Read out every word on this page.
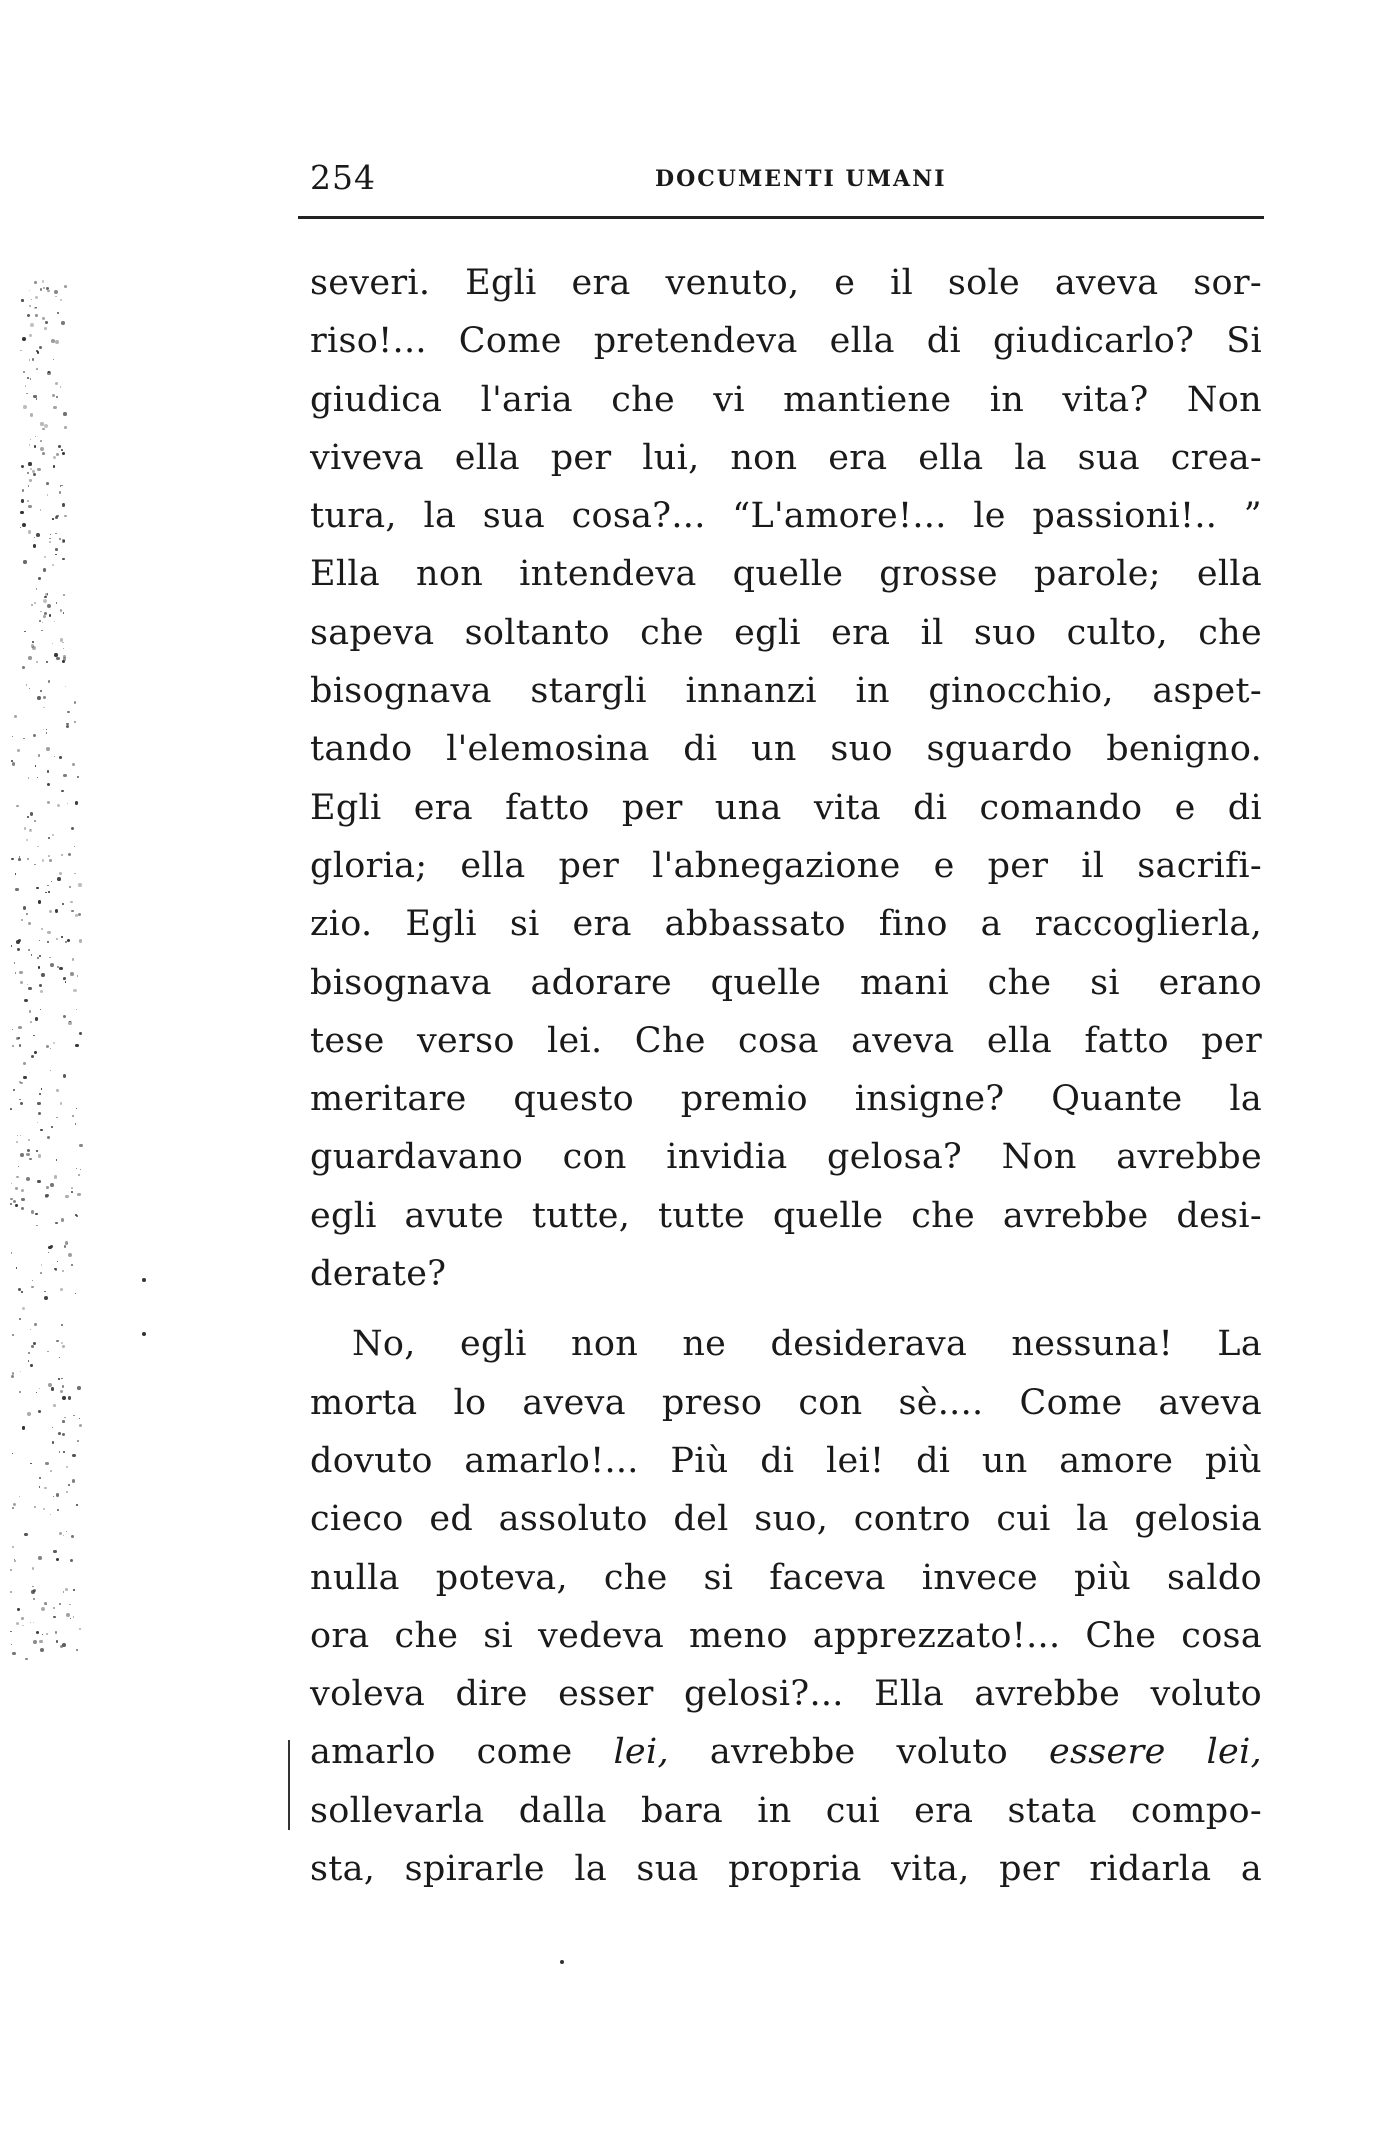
254	DOCUMENTI UMANI
severi. Egli era venuto, e il sole aveva sor-
riso!... Come pretendeva ella di giudicarlo? Si
giudica l'aria che vi mantiene in vita? Non
viveva ella per lui, non era ella la sua crea-
tura, la sua cosa?... “L'amore!... le passioni!.. ”
Ella non intendeva quelle grosse parole; ella
sapeva soltanto che egli era il suo culto, che
bisognava stargli innanzi in ginocchio, aspet-
tando l'elemosina di un suo sguardo benigno.
Egli era fatto per una vita di comando e di
gloria; ella per l'abnegazione e per il sacrifi-
zio. Egli si era abbassato fino a raccoglierla,
bisognava adorare quelle mani che si erano
tese verso lei. Che cosa aveva ella fatto per
meritare questo premio insigne? Quante la
guardavano con invidia gelosa? Non avrebbe
egli avute tutte, tutte quelle che avrebbe desi-
derate?
No, egli non ne desiderava nessuna! La
morta lo aveva preso con sè.... Come aveva
dovuto amarlo!... Più di lei! di un amore più
cieco ed assoluto del suo, contro cui la gelosia
nulla poteva, che si faceva invece più saldo
ora che si vedeva meno apprezzato!... Che cosa
voleva dire esser gelosi?... Ella avrebbe voluto
amarlo come lei, avrebbe voluto essere lei,
sollevarla dalla bara in cui era stata compo-
sta, spirarle la sua propria vita, per ridarla a
